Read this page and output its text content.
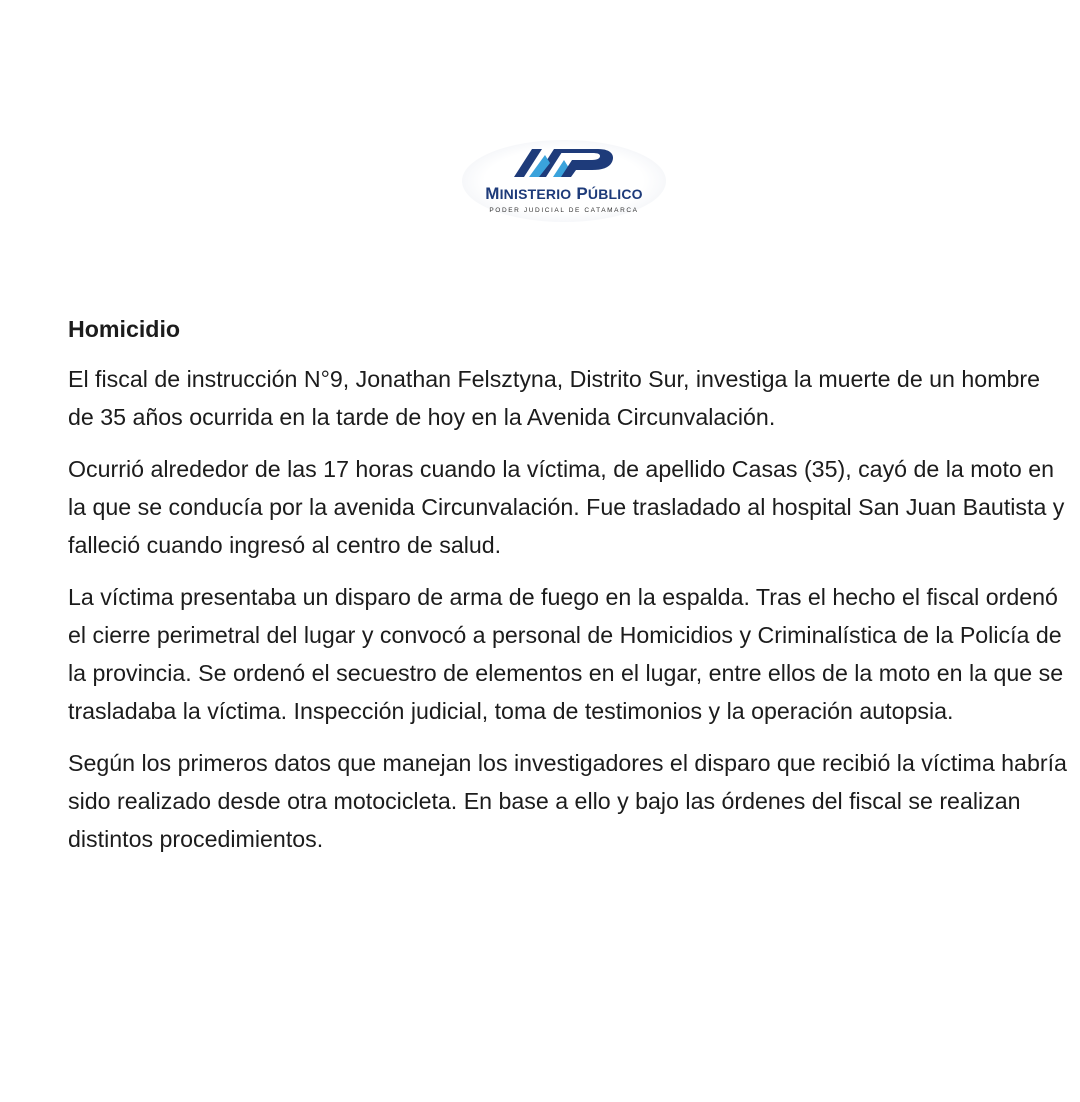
MINISTERIO PÚBLICO
PODER JUDICIAL DE CATAMARCA
Homicidio

El fiscal de instrucción N°9, Jonathan Felsztyna, Distrito Sur, investiga la muerte de un hombre de 35 años ocurrida en la tarde de hoy en la Avenida Circunvalación.

Ocurrió alrededor de las 17 horas cuando la víctima, de apellido Casas (35), cayó de la moto en la que se conducía por la avenida Circunvalación. Fue trasladado al hospital San Juan Bautista y falleció cuando ingresó al centro de salud.

La víctima presentaba un disparo de arma de fuego en la espalda. Tras el hecho el fiscal ordenó el cierre perimetral del lugar y convocó a personal de Homicidios y Criminalística de la Policía de la provincia. Se ordenó el secuestro de elementos en el lugar, entre ellos de la moto en la que se trasladaba la víctima. Inspección judicial, toma de testimonios y la operación autopsia.

Según los primeros datos que manejan los investigadores el disparo que recibió la víctima habría sido realizado desde otra motocicleta. En base a ello y bajo las órdenes del fiscal se realizan distintos procedimientos.
